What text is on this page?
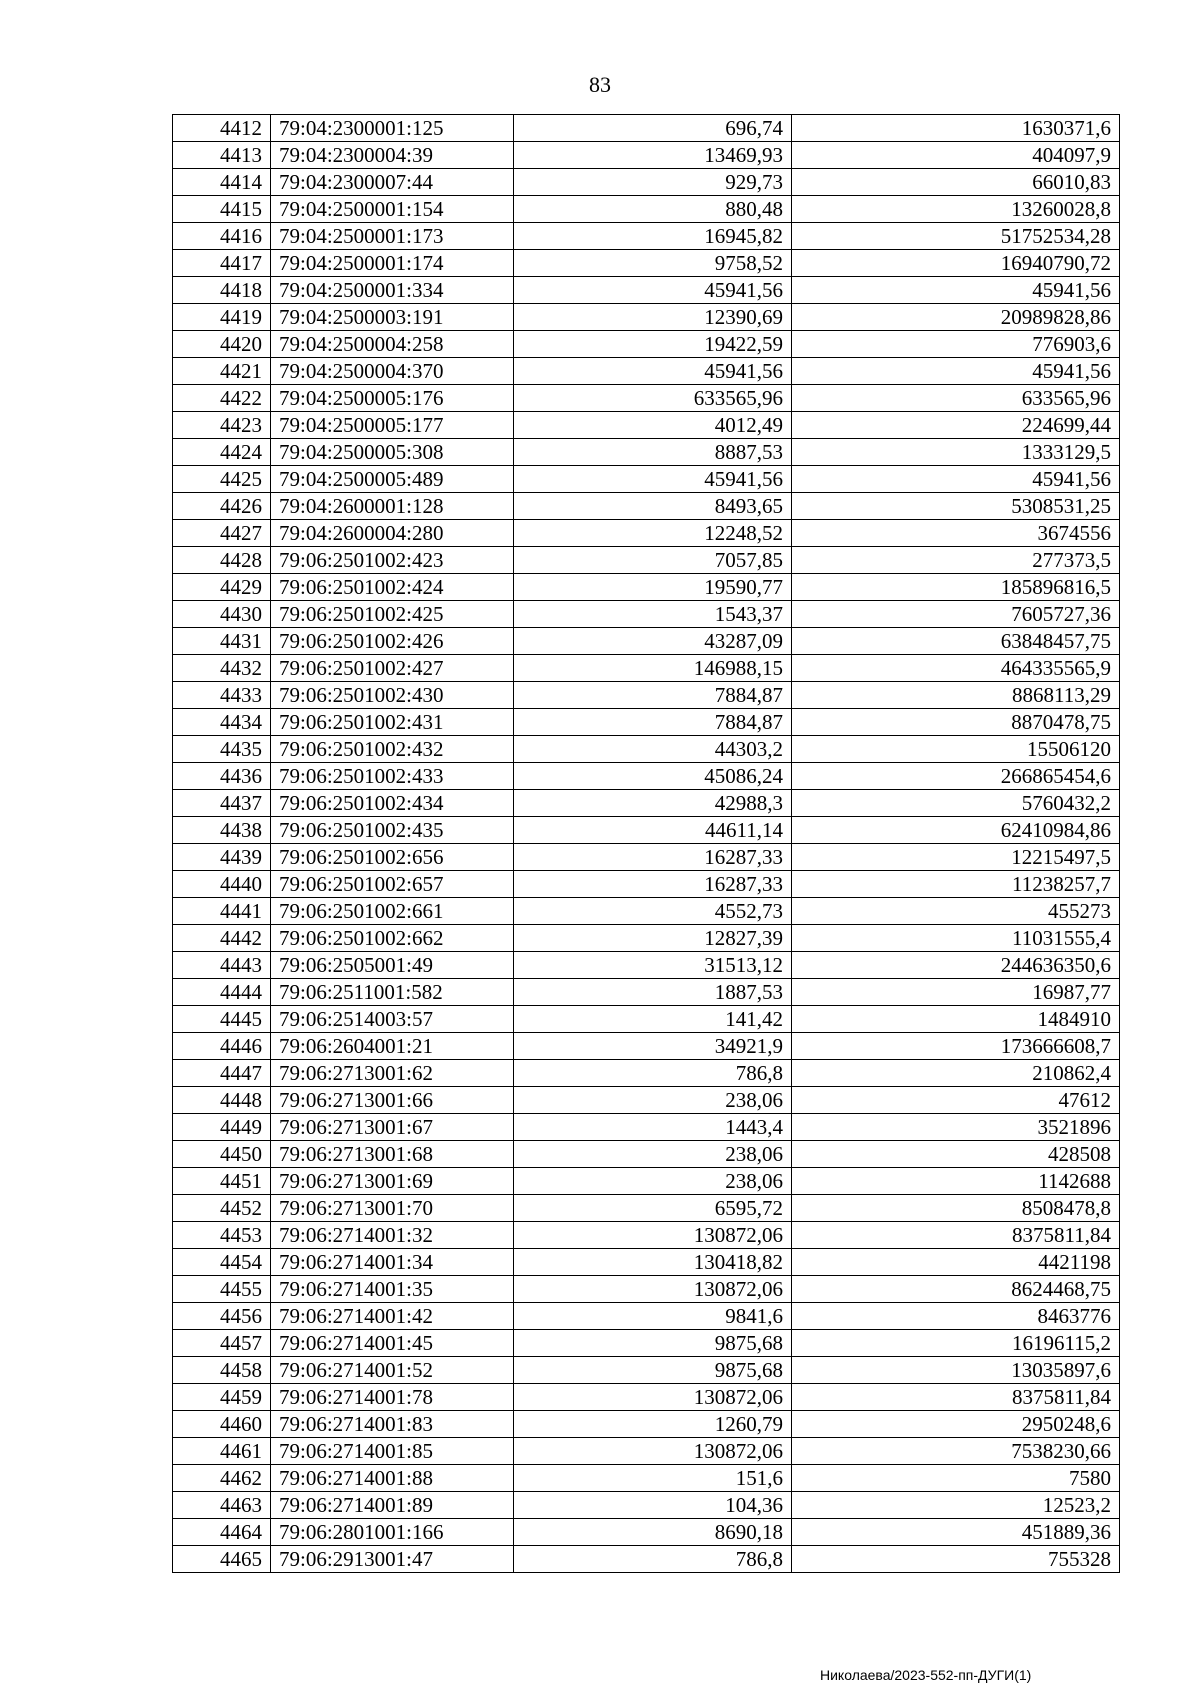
83
4412	79:04:2300001:125	696,74	1630371,6
4413	79:04:2300004:39	13469,93	404097,9
4414	79:04:2300007:44	929,73	66010,83
4415	79:04:2500001:154	880,48	13260028,8
4416	79:04:2500001:173	16945,82	51752534,28
4417	79:04:2500001:174	9758,52	16940790,72
4418	79:04:2500001:334	45941,56	45941,56
4419	79:04:2500003:191	12390,69	20989828,86
4420	79:04:2500004:258	19422,59	776903,6
4421	79:04:2500004:370	45941,56	45941,56
4422	79:04:2500005:176	633565,96	633565,96
4423	79:04:2500005:177	4012,49	224699,44
4424	79:04:2500005:308	8887,53	1333129,5
4425	79:04:2500005:489	45941,56	45941,56
4426	79:04:2600001:128	8493,65	5308531,25
4427	79:04:2600004:280	12248,52	3674556
4428	79:06:2501002:423	7057,85	277373,5
4429	79:06:2501002:424	19590,77	185896816,5
4430	79:06:2501002:425	1543,37	7605727,36
4431	79:06:2501002:426	43287,09	63848457,75
4432	79:06:2501002:427	146988,15	464335565,9
4433	79:06:2501002:430	7884,87	8868113,29
4434	79:06:2501002:431	7884,87	8870478,75
4435	79:06:2501002:432	44303,2	15506120
4436	79:06:2501002:433	45086,24	266865454,6
4437	79:06:2501002:434	42988,3	5760432,2
4438	79:06:2501002:435	44611,14	62410984,86
4439	79:06:2501002:656	16287,33	12215497,5
4440	79:06:2501002:657	16287,33	11238257,7
4441	79:06:2501002:661	4552,73	455273
4442	79:06:2501002:662	12827,39	11031555,4
4443	79:06:2505001:49	31513,12	244636350,6
4444	79:06:2511001:582	1887,53	16987,77
4445	79:06:2514003:57	141,42	1484910
4446	79:06:2604001:21	34921,9	173666608,7
4447	79:06:2713001:62	786,8	210862,4
4448	79:06:2713001:66	238,06	47612
4449	79:06:2713001:67	1443,4	3521896
4450	79:06:2713001:68	238,06	428508
4451	79:06:2713001:69	238,06	1142688
4452	79:06:2713001:70	6595,72	8508478,8
4453	79:06:2714001:32	130872,06	8375811,84
4454	79:06:2714001:34	130418,82	4421198
4455	79:06:2714001:35	130872,06	8624468,75
4456	79:06:2714001:42	9841,6	8463776
4457	79:06:2714001:45	9875,68	16196115,2
4458	79:06:2714001:52	9875,68	13035897,6
4459	79:06:2714001:78	130872,06	8375811,84
4460	79:06:2714001:83	1260,79	2950248,6
4461	79:06:2714001:85	130872,06	7538230,66
4462	79:06:2714001:88	151,6	7580
4463	79:06:2714001:89	104,36	12523,2
4464	79:06:2801001:166	8690,18	451889,36
4465	79:06:2913001:47	786,8	755328
Николаева/2023-552-пп-ДУГИ(1)
